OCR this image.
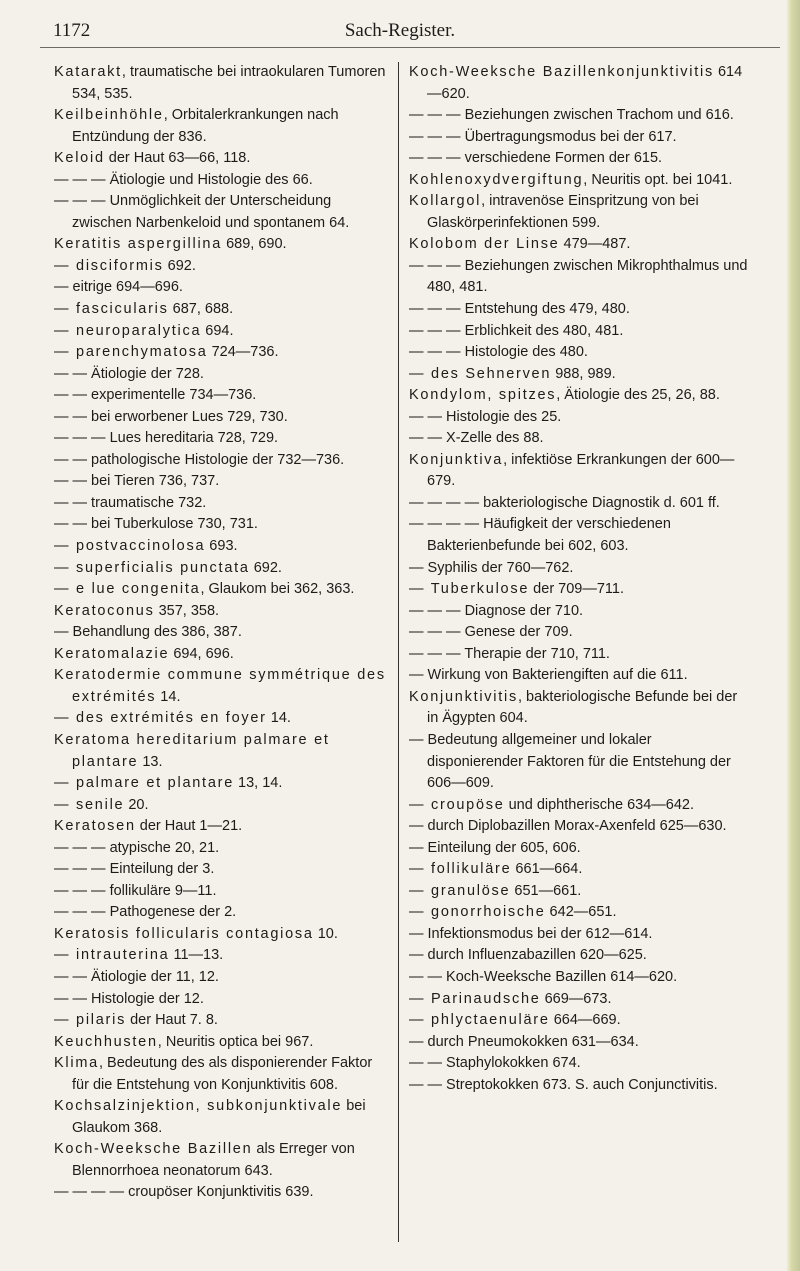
1172	Sach-Register.
Katarakt, traumatische bei intraokularen Tumoren 534, 535.
Keilbeinhöhle, Orbitalerkrankungen nach Entzündung der 836.
Keloid der Haut 63—66, 118.
— — — Ätiologie und Histologie des 66.
— — — Unmöglichkeit der Unterscheidung zwischen Narbenkeloid und spontanem 64.
Keratitis aspergillina 689, 690.
— disciformis 692.
— eitrige 694—696.
— fascicularis 687, 688.
— neuroparalytica 694.
— parenchymatosa 724—736.
— — Ätiologie der 728.
— — experimentelle 734—736.
— — bei erworbener Lues 729, 730.
— — — Lues hereditaria 728, 729.
— — pathologische Histologie der 732—736.
— — bei Tieren 736, 737.
— — traumatische 732.
— — bei Tuberkulose 730, 731.
— postvaccinolosa 693.
— superficialis punctata 692.
— e lue congenita, Glaukom bei 362, 363.
Keratoconus 357, 358.
— Behandlung des 386, 387.
Keratomalazie 694, 696.
Keratodermie commune symmétrique des extrémités 14.
— des extrémités en foyer 14.
Keratoma hereditarium palmare et plantare 13.
— palmare et plantare 13, 14.
— senile 20.
Keratosen der Haut 1—21.
— — — atypische 20, 21.
— — — Einteilung der 3.
— — — follikuläre 9—11.
— — — Pathogenese der 2.
Keratosis follicularis contagiosa 10.
— intrauterina 11—13.
— — Ätiologie der 11, 12.
— — Histologie der 12.
— pilaris der Haut 7. 8.
Keuchhusten, Neuritis optica bei 967.
Klima, Bedeutung des als disponierender Faktor für die Entstehung von Konjunktivitis 608.
Kochsalzinjektion, subkonjunktivale bei Glaukom 368.
Koch-Weeksche Bazillen als Erreger von Blennorrhoea neonatorum 643.
— — — — croupöser Konjunktivitis 639.
Koch-Weeksche Bazillenkonjunktivitis 614—620.
— — — Beziehungen zwischen Trachom und 616.
— — — Übertragungsmodus bei der 617.
— — — verschiedene Formen der 615.
Kohlenoxydvergiftung, Neuritis opt. bei 1041.
Kollargol, intravenöse Einspritzung von bei Glaskörperinfektionen 599.
Kolobom der Linse 479—487.
— — — Beziehungen zwischen Mikrophthalmus und 480, 481.
— — — Entstehung des 479, 480.
— — — Erblichkeit des 480, 481.
— — — Histologie des 480.
— des Sehnerven 988, 989.
Kondylom, spitzes, Ätiologie des 25, 26, 88.
— — Histologie des 25.
— — X-Zelle des 88.
Konjunktiva, infektiöse Erkrankungen der 600—679.
— — — — bakteriologische Diagnostik d. 601 ff.
— — — — Häufigkeit der verschiedenen Bakterienbefunde bei 602, 603.
— Syphilis der 760—762.
— Tuberkulose der 709—711.
— — — Diagnose der 710.
— — — Genese der 709.
— — — Therapie der 710, 711.
— Wirkung von Bakteriengiften auf die 611.
Konjunktivitis, bakteriologische Befunde bei der in Ägypten 604.
— Bedeutung allgemeiner und lokaler disponierender Faktoren für die Entstehung der 606—609.
— croupöse und diphtherische 634—642.
— durch Diplobazillen Morax-Axenfeld 625—630.
— Einteilung der 605, 606.
— follikuläre 661—664.
— granulöse 651—661.
— gonorrhoische 642—651.
— Infektionsmodus bei der 612—614.
— durch Influenzabazillen 620—625.
— — Koch-Weeksche Bazillen 614—620.
— Parinaudsche 669—673.
— phlyctaenuläre 664—669.
— durch Pneumokokken 631—634.
— — Staphylokokken 674.
— — Streptokokken 673. S. auch Conjunctivitis.
